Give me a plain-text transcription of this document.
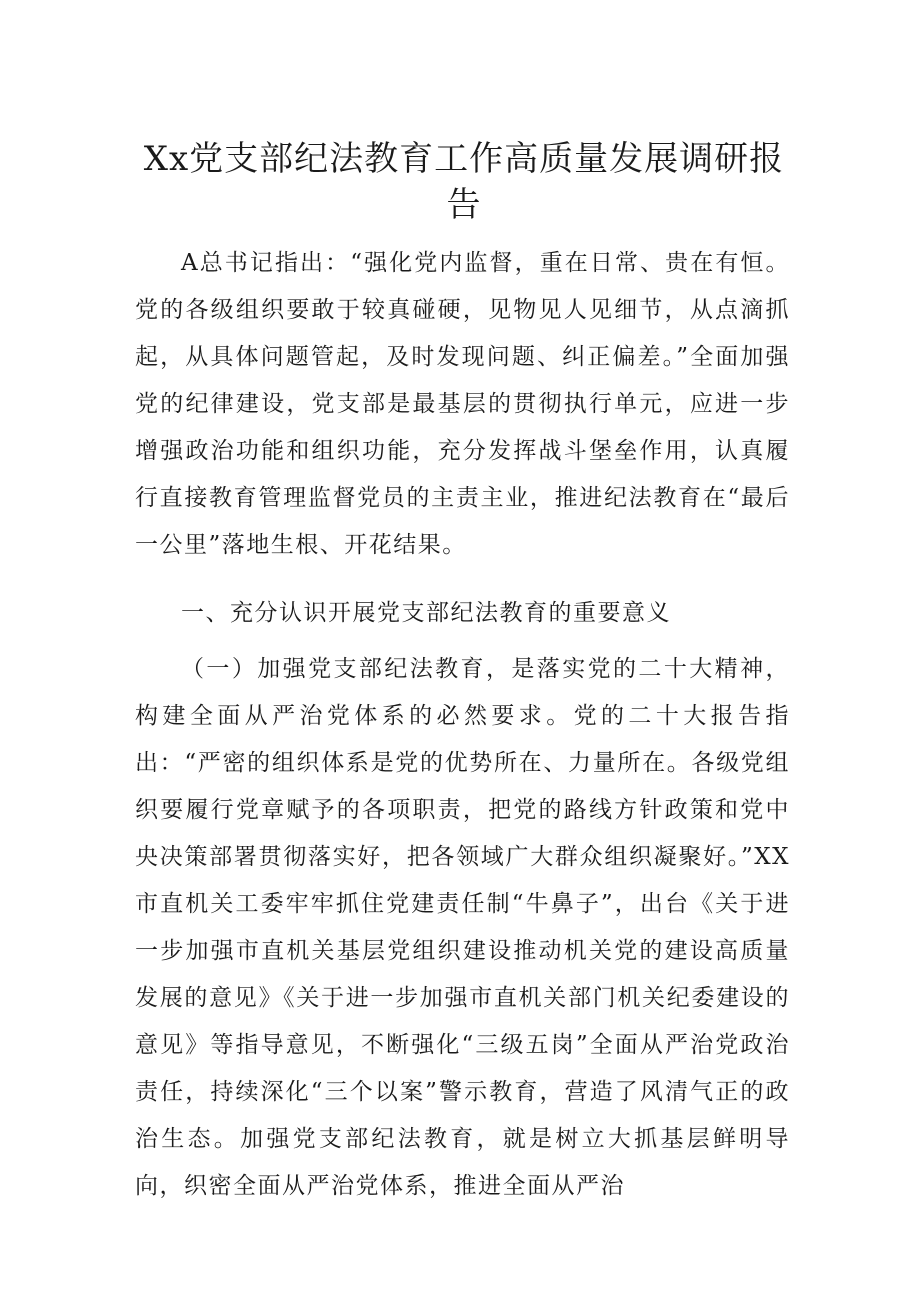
Xx党支部纪法教育工作高质量发展调研报告

A总书记指出：“强化党内监督，重在日常、贵在有恒。党的各级组织要敢于较真碰硬，见物见人见细节，从点滴抓起，从具体问题管起，及时发现问题、纠正偏差。”全面加强党的纪律建设，党支部是最基层的贯彻执行单元，应进一步增强政治功能和组织功能，充分发挥战斗堡垒作用，认真履行直接教育管理监督党员的主责主业，推进纪法教育在“最后一公里”落地生根、开花结果。

一、充分认识开展党支部纪法教育的重要意义

（一）加强党支部纪法教育，是落实党的二十大精神，构建全面从严治党体系的必然要求。党的二十大报告指出：“严密的组织体系是党的优势所在、力量所在。各级党组织要履行党章赋予的各项职责，把党的路线方针政策和党中央决策部署贯彻落实好，把各领域广大群众组织凝聚好。”XX市直机关工委牢牢抓住党建责任制“牛鼻子”，出台《关于进一步加强市直机关基层党组织建设推动机关党的建设高质量发展的意见》《关于进一步加强市直机关部门机关纪委建设的意见》等指导意见，不断强化“三级五岗”全面从严治党政治责任，持续深化“三个以案”警示教育，营造了风清气正的政治生态。加强党支部纪法教育，就是树立大抓基层鲜明导向，织密全面从严治党体系，推进全面从严治
